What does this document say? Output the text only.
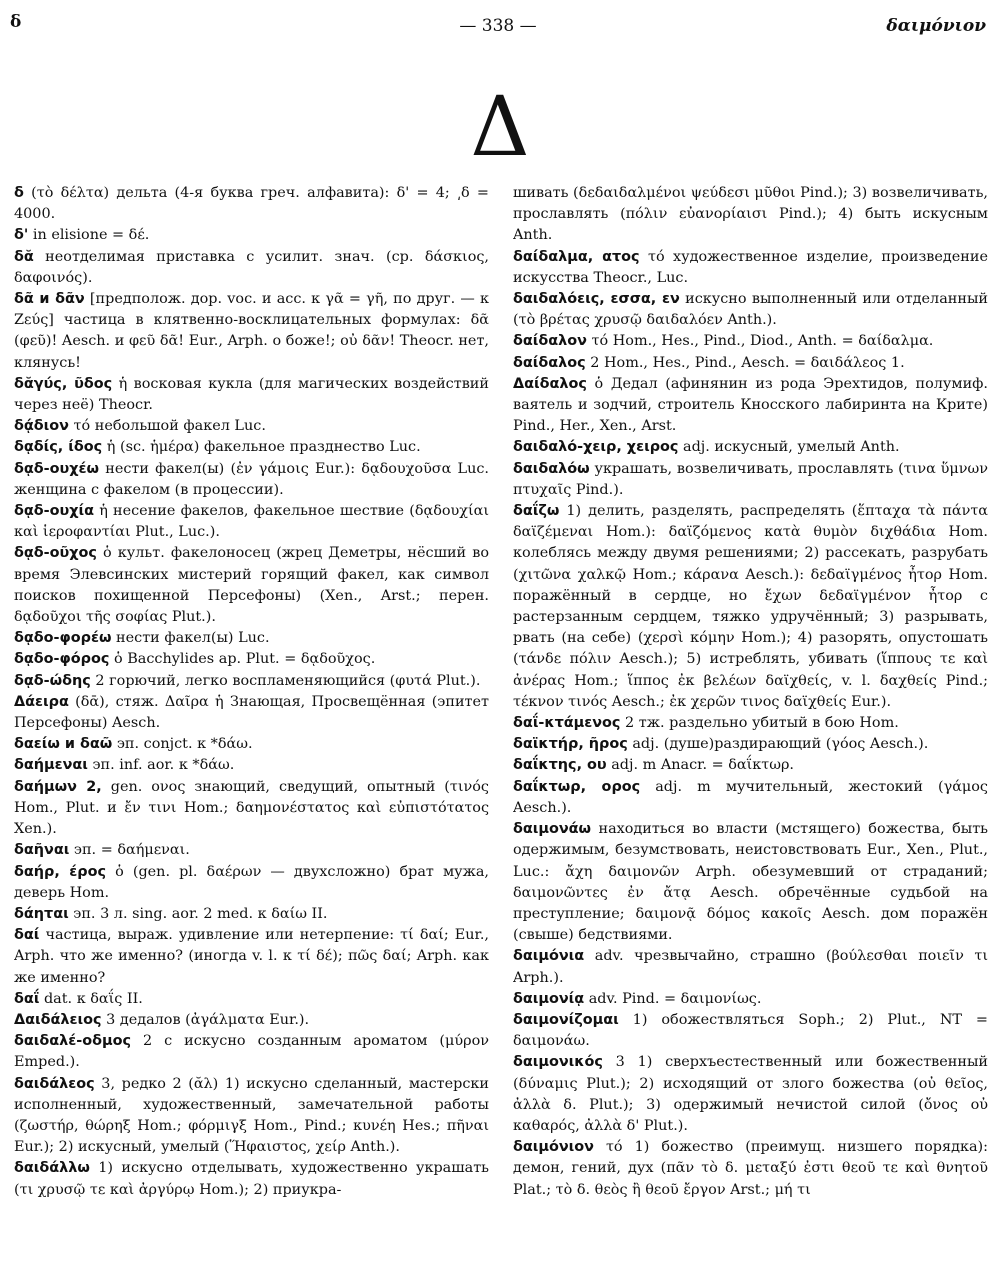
δ	— 338 —	δαιμόνιον
Δ

δ (τὸ δέλτα) дельта (4-я буква греч. алфавита): δ' = 4; ͵δ = 4000.

δ' in elisione = δέ.

δᾰ неотделимая приставка с усилит. знач. (ср. δάσκιος, δαφοινός).

δᾶ и δᾶν [предполож. дор. voc. и acc. к γᾶ = γῆ, по друг. — к Ζεύς] частица в клятвенно-восклицательных формулах: δᾶ (φεῦ)! Aesch. и φεῦ δᾶ! Eur., Arph. о боже!; οὐ δᾶν! Theocr. нет, клянусь!

δᾰγύς, ῦδος ἡ восковая кукла (для магических воздействий через неё) Theocr.

δᾴδιον τό небольшой факел Luc.

δᾳδίς, ίδος ἡ (sc. ἡμέρα) факельное празднество Luc.

δᾳδ-ουχέω нести факел(ы) (ἐν γάμοις Eur.): δᾳδουχοῦσα Luc. женщина с факелом (в процессии).

δᾳδ-ουχία ἡ несение факелов, факельное шествие (δᾳδουχίαι καὶ ἱεροφαντίαι Plut., Luc.).

δᾳδ-οῦχος ὁ культ. факелоносец (жрец Деметры, нёсший во время Элевсинских мистерий горящий факел, как символ поисков похищенной Персефоны) (Xen., Arst.; перен. δᾳδοῦχοι τῆς σοφίας Plut.).

δᾳδο-φορέω нести факел(ы) Luc.

δᾳδο-φόρος ὁ Bacchylides ap. Plut. = δᾳδοῦχος.

δᾳδ-ώδης 2 горючий, легко воспламеняющийся (φυτά Plut.).

Δάειρα (δᾱ), стяж. Δαῖρα ἡ Знающая, Просвещённая (эпитет Персефоны) Aesch.

δαείω и δαῶ эп. conjct. к *δάω.

δαήμεναι эп. inf. aor. к *δάω.

δαήμων 2, gen. ονος знающий, сведущий, опытный (τινός Hom., Plut. и ἔν τινι Hom.; δαημονέστατος καὶ εὐπιστότατος Xen.).

δαῆναι эп. = δαήμεναι.

δαήρ, έρος ὁ (gen. pl. δαέρων — двухсложно) брат мужа, деверь Hom.

δάηται эп. 3 л. sing. aor. 2 med. к δαίω II.

δαί частица, выраж. удивление или нетерпение: τί δαί; Eur., Arph. что же именно? (иногда v. l. к τί δέ); πῶς δαί; Arph. как же именно?

δαΐ dat. к δαΐς II.

Δαιδάλειος 3 дедалов (ἀγάλματα Eur.).

δαιδαλέ-οδμος 2 с искусно созданным ароматом (μύρον Emped.).

δαιδάλεος 3, редко 2 (ᾰλ) 1) искусно сделанный, мастерски исполненный, художественный, замечательной работы (ζωστήρ, θώρηξ Hom.; φόρμιγξ Hom., Pind.; κυνέη Hes.; πῆναι Eur.); 2) искусный, умелый (Ἥφαιστος, χείρ Anth.).

δαιδάλλω 1) искусно отделывать, художественно украшать (τι χρυσῷ τε καὶ ἀργύρῳ Hom.); 2) приукра-

шивать (δεδαιδαλμένοι ψεύδεσι μῦθοι Pind.); 3) возвеличивать, прославлять (πόλιν εὐανορίαισι Pind.); 4) быть искусным Anth.

δαίδαλμα, ατος τό художественное изделие, произведение искусства Theocr., Luc.

δαιδαλόεις, εσσα, εν искусно выполненный или отделанный (τὸ βρέτας χρυσῷ δαιδαλόεν Anth.).

δαίδαλον τό Hom., Hes., Pind., Diod., Anth. = δαίδαλμα.

δαίδαλος 2 Hom., Hes., Pind., Aesch. = δαιδάλεος 1.

Δαίδαλος ὁ Дедал (афинянин из рода Эрехтидов, полумиф. ваятель и зодчий, строитель Кносского лабиринта на Крите) Pind., Her., Xen., Arst.

δαιδαλό-χειρ, χειρος adj. искусный, умелый Anth.

δαιδαλόω украшать, возвеличивать, прославлять (τινα ὕμνων πτυχαῖς Pind.).

δαΐζω 1) делить, разделять, распределять (ἕπταχα τὰ πάντα δαϊζέμεναι Hom.): δαϊζόμενος κατὰ θυμὸν διχθάδια Hom. колеблясь между двумя решениями; 2) рассекать, разрубать (χιτῶνα χαλκῷ Hom.; κάρανα Aesch.): δεδαϊγμένος ἦτορ Hom. поражённый в сердце, но ἔχων δεδαϊγμένον ἦτορ с растерзанным сердцем, тяжко удручённый; 3) разрывать, рвать (на себе) (χερσὶ κόμην Hom.); 4) разорять, опустошать (τάνδε πόλιν Aesch.); 5) истреблять, убивать (ἵππους τε καὶ ἀνέρας Hom.; ἵππος ἐκ βελέων δαϊχθείς, v. l. δαχθείς Pind.; τέκνον τινός Aesch.; ἐκ χερῶν τινος δαϊχθείς Eur.).

δαΐ-κτάμενος 2 тж. раздельно убитый в бою Hom.

δαϊκτήρ, ῆρος adj. (душе)раздирающий (γόος Aesch.).

δαΐκτης, ου adj. m Anacr. = δαΐκτωρ.

δαΐκτωρ, ορος adj. m мучительный, жестокий (γάμος Aesch.).

δαιμονάω находиться во власти (мстящего) божества, быть одержимым, безумствовать, неистовствовать Eur., Xen., Plut., Luc.: ἄχη δαιμονῶν Arph. обезумевший от страданий; δαιμονῶντες ἐν ἄτᾳ Aesch. обречённые судьбой на преступление; δαιμονᾷ δόμος κακοῖς Aesch. дом поражён (свыше) бедствиями.

δαιμόνια adv. чрезвычайно, страшно (βούλεσθαι ποιεῖν τι Arph.).

δαιμονίᾳ adv. Pind. = δαιμονίως.

δαιμονίζομαι 1) обожествляться Soph.; 2) Plut., NT = δαιμονάω.

δαιμονικός 3 1) сверхъестественный или божественный (δύναμις Plut.); 2) исходящий от злого божества (οὐ θεῖος, ἀλλὰ δ. Plut.); 3) одержимый нечистой силой (ὄνος οὐ καθαρός, ἀλλὰ δ' Plut.).

δαιμόνιον τό 1) божество (преимущ. низшего порядка): демон, гений, дух (πᾶν τὸ δ. μεταξύ ἐστι θεοῦ τε καὶ θνητοῦ Plat.; τὸ δ. θεὸς ἢ θεοῦ ἔργον Arst.; μή τι
